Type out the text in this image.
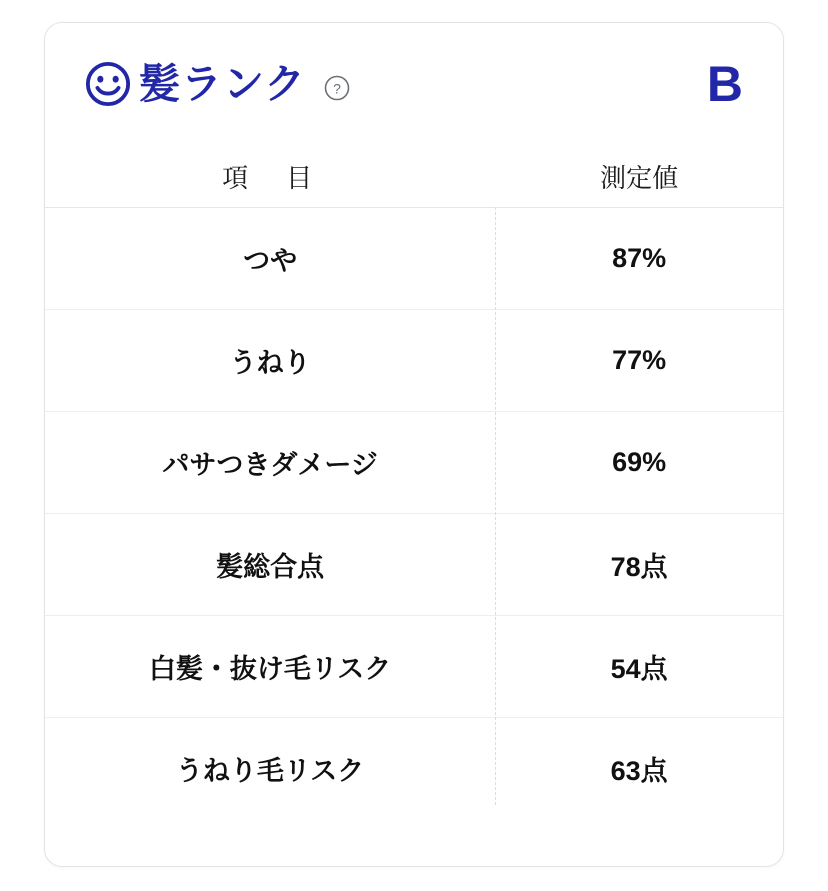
髪ランク ?	B
項　目	測定値
つや	87%
うねり	77%
パサつきダメージ	69%
髪総合点	78点
白髪・抜け毛リスク	54点
うねり毛リスク	63点
